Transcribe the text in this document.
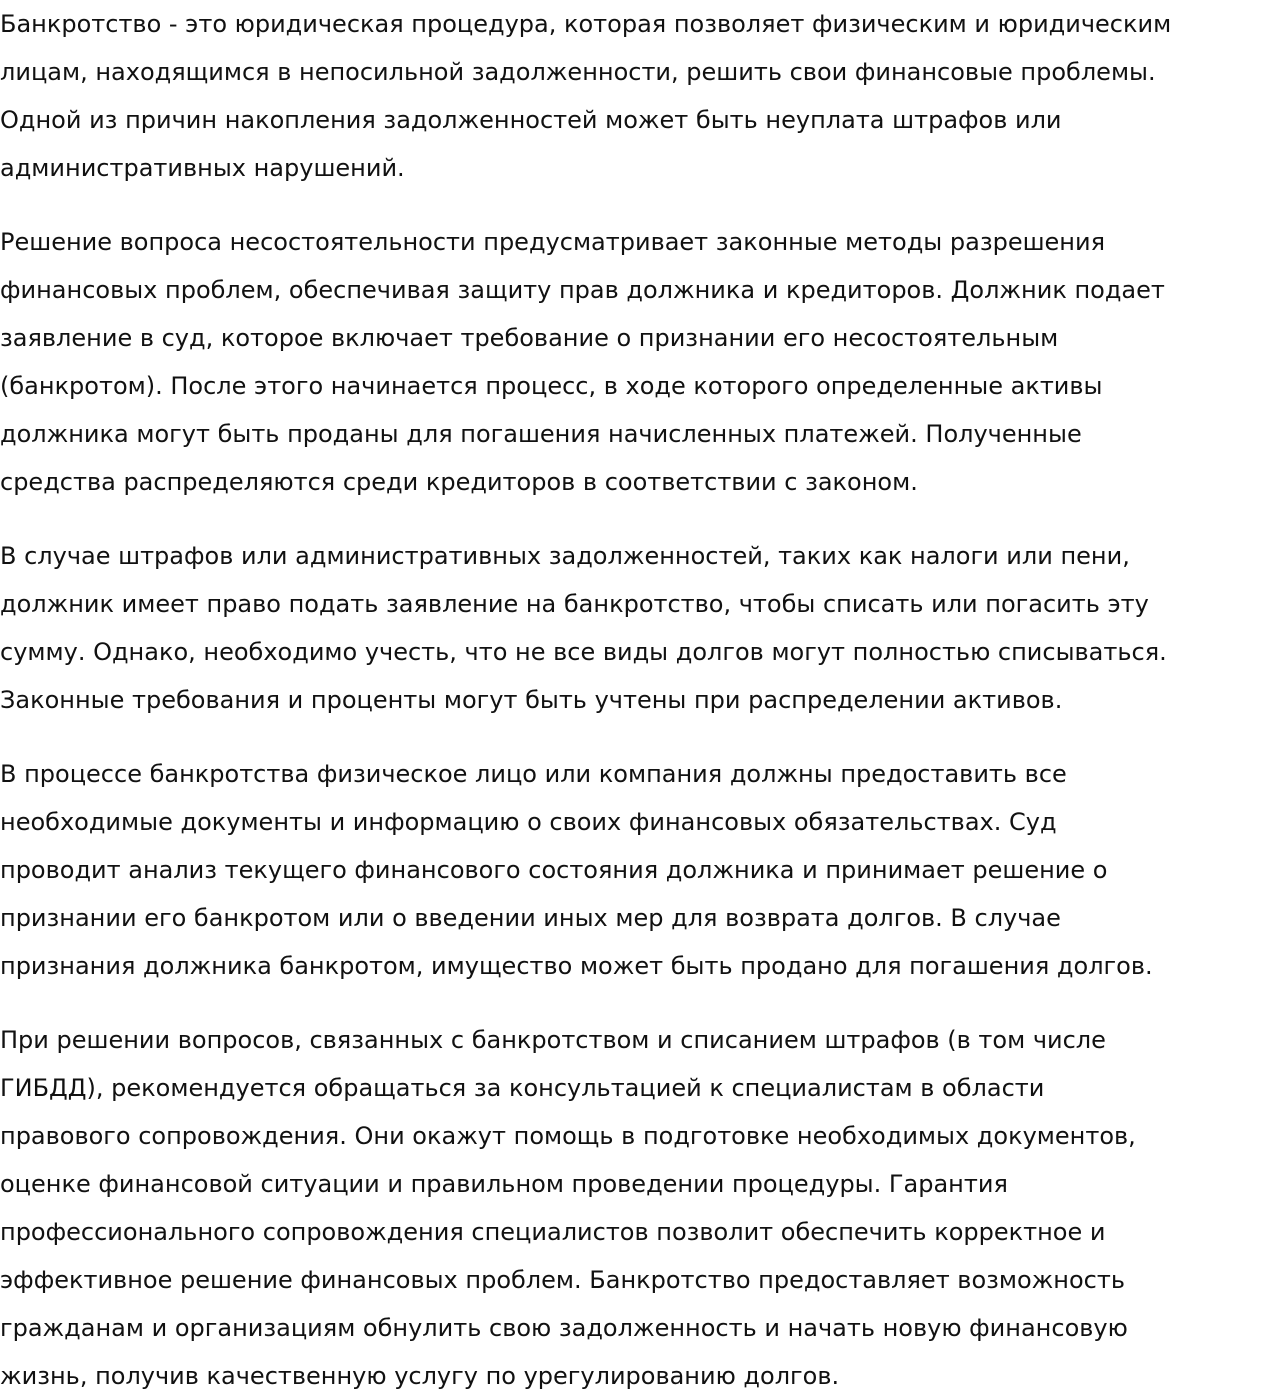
Банкротство - это юридическая процедура, которая позволяет физическим и юридическим
лицам, находящимся в непосильной задолженности, решить свои финансовые проблемы.
Одной из причин накопления задолженностей может быть неуплата штрафов или
административных нарушений.

Решение вопроса несостоятельности предусматривает законные методы разрешения
финансовых проблем, обеспечивая защиту прав должника и кредиторов. Должник подает
заявление в суд, которое включает требование о признании его несостоятельным
(банкротом). После этого начинается процесс, в ходе которого определенные активы
должника могут быть проданы для погашения начисленных платежей. Полученные
средства распределяются среди кредиторов в соответствии с законом.

В случае штрафов или административных задолженностей, таких как налоги или пени,
должник имеет право подать заявление на банкротство, чтобы списать или погасить эту
сумму. Однако, необходимо учесть, что не все виды долгов могут полностью списываться.
Законные требования и проценты могут быть учтены при распределении активов.

В процессе банкротства физическое лицо или компания должны предоставить все
необходимые документы и информацию о своих финансовых обязательствах. Суд
проводит анализ текущего финансового состояния должника и принимает решение о
признании его банкротом или о введении иных мер для возврата долгов. В случае
признания должника банкротом, имущество может быть продано для погашения долгов.

При решении вопросов, связанных с банкротством и списанием штрафов (в том числе
ГИБДД), рекомендуется обращаться за консультацией к специалистам в области
правового сопровождения. Они окажут помощь в подготовке необходимых документов,
оценке финансовой ситуации и правильном проведении процедуры. Гарантия
профессионального сопровождения специалистов позволит обеспечить корректное и
эффективное решение финансовых проблем. Банкротство предоставляет возможность
гражданам и организациям обнулить свою задолженность и начать новую финансовую
жизнь, получив качественную услугу по урегулированию долгов.
